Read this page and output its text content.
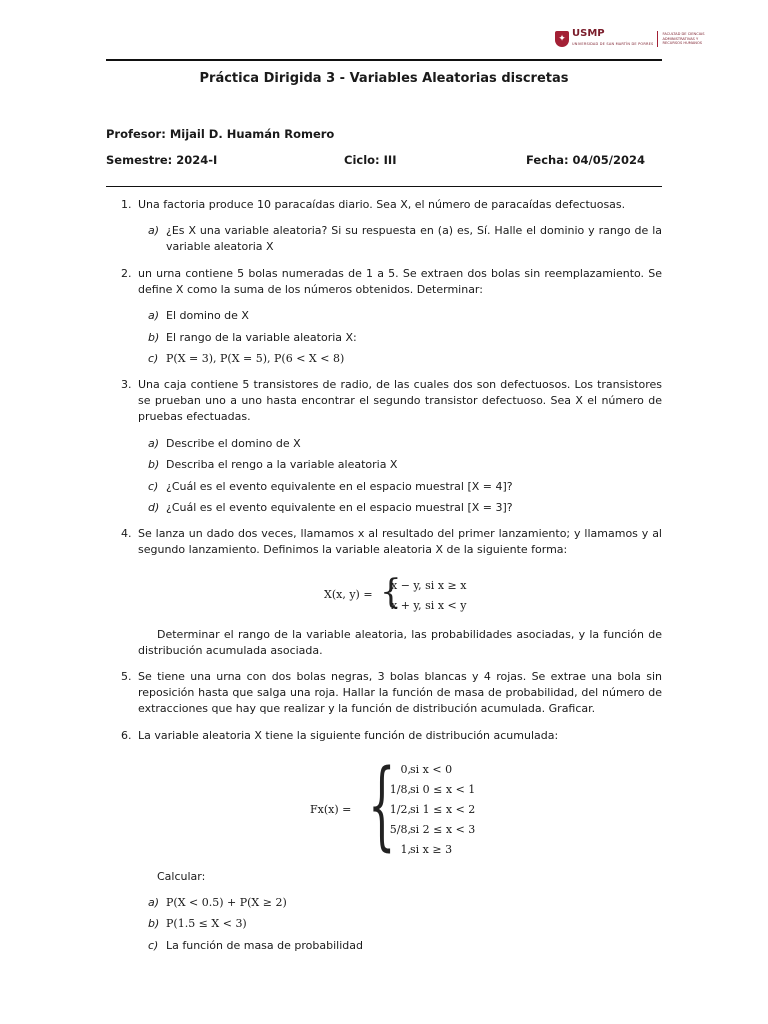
✦ USMP
UNIVERSIDAD DE SAN MARTÍN DE PORRES
FACULTAD DE CIENCIAS ADMINISTRATIVAS Y RECURSOS HUMANOS
Práctica Dirigida 3 - Variables Aleatorias discretas
Profesor: Mijail D. Huamán Romero
Semestre: 2024-I	Ciclo: III	Fecha: 04/05/2024
1. Una factoria produce 10 paracaídas diario. Sea X, el número de paracaídas defectuosas.
a) ¿Es X una variable aleatoria? Si su respuesta en (a) es, Sí. Halle el dominio y rango de la variable aleatoria X
2. un urna contiene 5 bolas numeradas de 1 a 5. Se extraen dos bolas sin reemplazamiento. Se define X como la suma de los números obtenidos. Determinar:
a) El domino de X
b) El rango de la variable aleatoria X:
c) P(X = 3), P(X = 5), P(6 < X < 8)
3. Una caja contiene 5 transistores de radio, de las cuales dos son defectuosos. Los transistores se prueban uno a uno hasta encontrar el segundo transistor defectuoso. Sea X el número de pruebas efectuadas.
a) Describe el domino de X
b) Describa el rengo a la variable aleatoria X
c) ¿Cuál es el evento equivalente en el espacio muestral [X = 4]?
d) ¿Cuál es el evento equivalente en el espacio muestral [X = 3]?
4. Se lanza un dado dos veces, llamamos x al resultado del primer lanzamiento; y llamamos y al segundo lanzamiento. Definimos la variable aleatoria X de la siguiente forma:
X(x, y) = {
x − y, si x ≥ x
x + y, si x < y
Determinar el rango de la variable aleatoria, las probabilidades asociadas, y la función de distribución acumulada asociada.
5. Se tiene una urna con dos bolas negras, 3 bolas blancas y 4 rojas. Se extrae una bola sin reposición hasta que salga una roja. Hallar la función de masa de probabilidad, del número de extracciones que hay que realizar y la función de distribución acumulada. Graficar.
6. La variable aleatoria X tiene la siguiente función de distribución acumulada:
Fx(x) = { 0, si x < 0
1/8, si 0 ≤ x < 1
1/2, si 1 ≤ x < 2
5/8, si 2 ≤ x < 3
1, si x ≥ 3
Calcular:
a) P(X < 0.5) + P(X ≥ 2)
b) P(1.5 ≤ X < 3)
c) La función de masa de probabilidad
